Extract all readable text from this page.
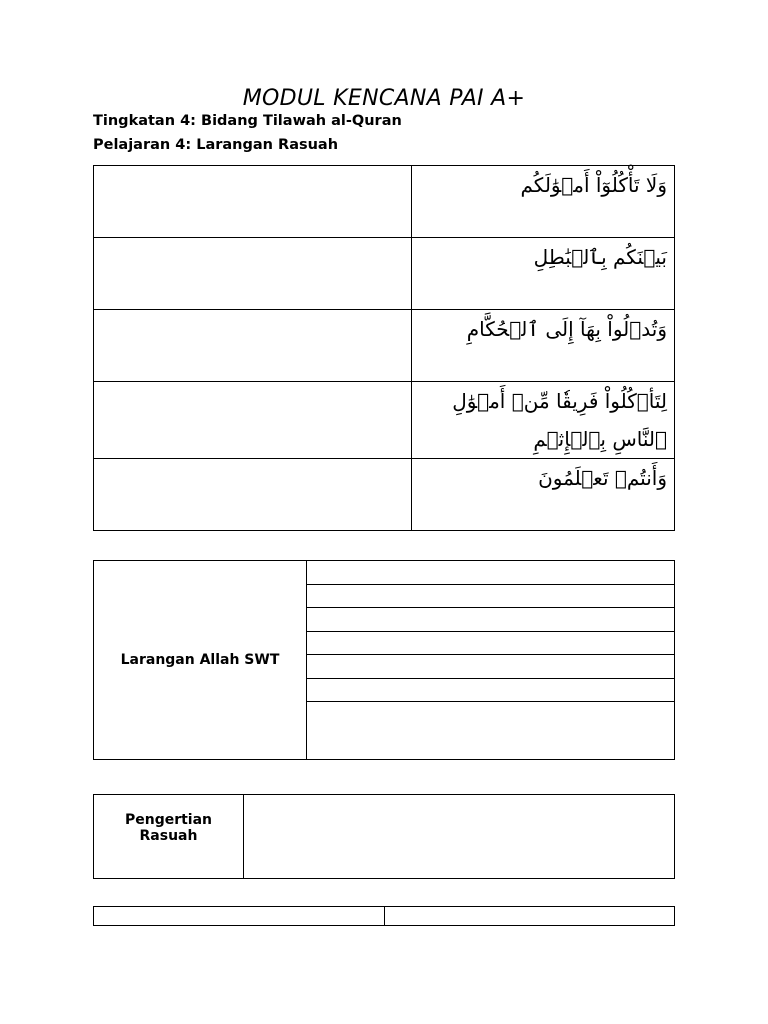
MODUL KENCANA PAI A+
Tingkatan 4: Bidang Tilawah al-Quran
Pelajaran 4: Larangan Rasuah
	وَلَا تَأْكُلُوٓاْ أَمۡوَٰلَكُم
	بَيۡنَكُم بِٱلۡبَٰطِلِ
	وَتُدۡلُواْ بِهَآ إِلَى ٱلۡحُكَّامِ
	لِتَأۡكُلُواْ فَرِيقٗا مِّنۡ أَمۡوَٰلِ ٱلنَّاسِ بِٱلۡإِثۡمِ
	وَأَنتُمۡ تَعۡلَمُونَ
Larangan Allah SWT	

Pengertian
Rasuah
